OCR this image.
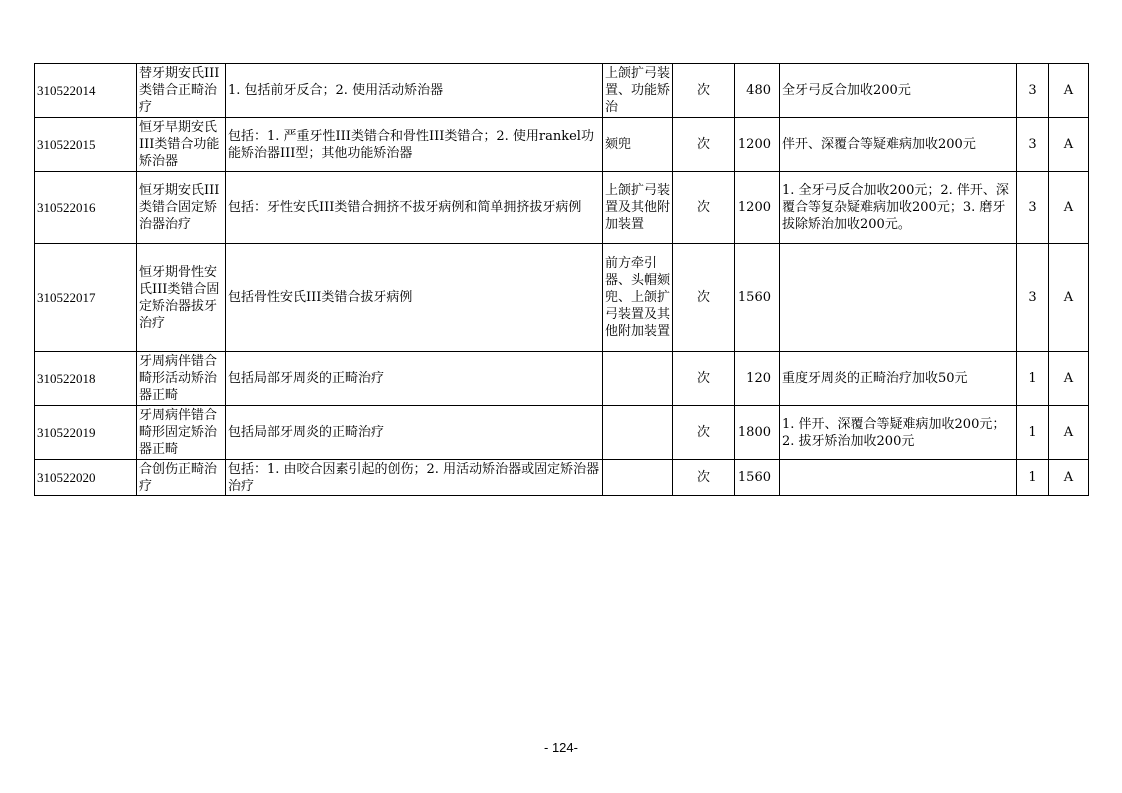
310522014	替牙期安氏III类错合正畸治疗	1. 包括前牙反合；2. 使用活动矫治器	上颌扩弓装置、功能矫治	次	480	全牙弓反合加收200元	3	A
310522015	恒牙早期安氏III类错合功能矫治器	包括：1. 严重牙性III类错合和骨性III类错合；2. 使用rankel功能矫治器III型；其他功能矫治器	颏兜	次	1200	伴开、深覆合等疑难病加收200元	3	A
310522016	恒牙期安氏III类错合固定矫治器治疗	包括：牙性安氏III类错合拥挤不拔牙病例和简单拥挤拔牙病例	上颌扩弓装置及其他附加装置	次	1200	1. 全牙弓反合加收200元；2. 伴开、深覆合等复杂疑难病加收200元；3. 磨牙拔除矫治加收200元。	3	A
310522017	恒牙期骨性安氏III类错合固定矫治器拔牙治疗	包括骨性安氏III类错合拔牙病例	前方牵引器、头帽颏兜、上颌扩弓装置及其他附加装置	次	1560		3	A
310522018	牙周病伴错合畸形活动矫治器正畸	包括局部牙周炎的正畸治疗		次	120	重度牙周炎的正畸治疗加收50元	1	A
310522019	牙周病伴错合畸形固定矫治器正畸	包括局部牙周炎的正畸治疗		次	1800	1. 伴开、深覆合等疑难病加收200元；2. 拔牙矫治加收200元	1	A
310522020	合创伤正畸治疗	包括：1. 由咬合因素引起的创伤；2. 用活动矫治器或固定矫治器治疗		次	1560		1	A
- 124-
